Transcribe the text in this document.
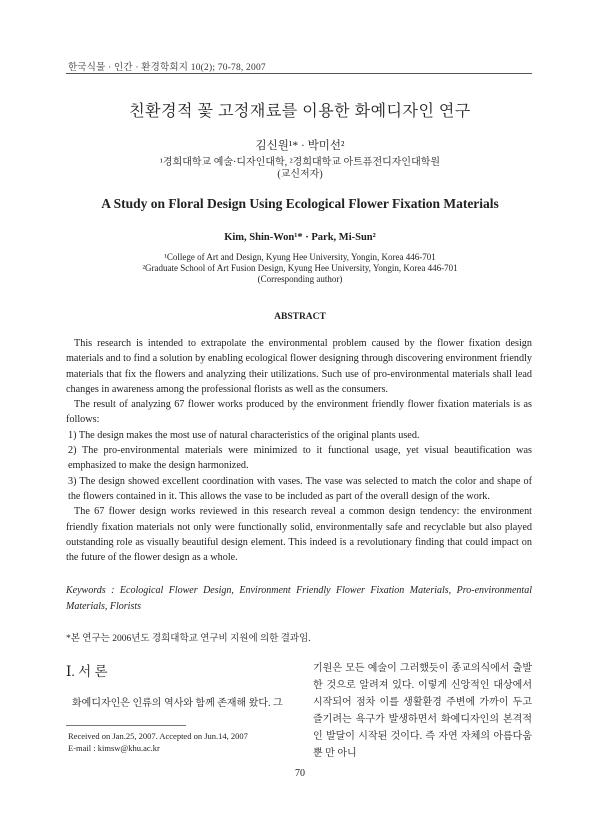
한국식물 · 인간 · 환경학회지 10(2); 70-78, 2007
친환경적 꽃 고정재료를 이용한 화예디자인 연구
김신원¹* · 박미선²
¹경희대학교 예술·디자인대학, ²경희대학교 아트퓨전디자인대학원
(교신저자)
A Study on Floral Design Using Ecological Flower Fixation Materials
Kim, Shin-Won¹* · Park, Mi-Sun²
¹College of Art and Design, Kyung Hee University, Yongin, Korea 446-701
²Graduate School of Art Fusion Design, Kyung Hee University, Yongin, Korea 446-701
(Corresponding author)
ABSTRACT

This research is intended to extrapolate the environmental problem caused by the flower fixation design materials and to find a solution by enabling ecological flower designing through discovering environment friendly materials that fix the flowers and analyzing their utilizations. Such use of pro-environmental materials shall lead changes in awareness among the professional florists as well as the consumers.

The result of analyzing 67 flower works produced by the environment friendly flower fixation materials is as follows:

1) The design makes the most use of natural characteristics of the original plants used.

2) The pro-environmental materials were minimized to it functional usage, yet visual beautification was emphasized to make the design harmonized.

3) The design showed excellent coordination with vases. The vase was selected to match the color and shape of the flowers contained in it. This allows the vase to be included as part of the overall design of the work.

The 67 flower design works reviewed in this research reveal a common design tendency: the environment friendly fixation materials not only were functionally solid, environmentally safe and recyclable but also played outstanding role as visually beautiful design element. This indeed is a revolutionary finding that could impact on the future of the flower design as a whole.

Keywords : Ecological Flower Design, Environment Friendly Flower Fixation Materials, Pro-environmental Materials, Florists
*본 연구는 2006년도 경희대학교 연구비 지원에 의한 결과임.
Ⅰ. 서 론

화예디자인은 인류의 역사와 함께 존재해 왔다. 그

기원은 모든 예술이 그러했듯이 종교의식에서 출발한 것으로 알려져 있다. 이렇게 신앙적인 대상에서 시작되어 점차 이를 생활환경 주변에 가까이 두고 즐기려는 욕구가 발생하면서 화예디자인의 본격적인 발달이 시작된 것이다. 즉 자연 자체의 아름다움 뿐 만 아니
Received on Jan.25, 2007. Accepted on Jun.14, 2007
E-mail : kimsw@khu.ac.kr
70
